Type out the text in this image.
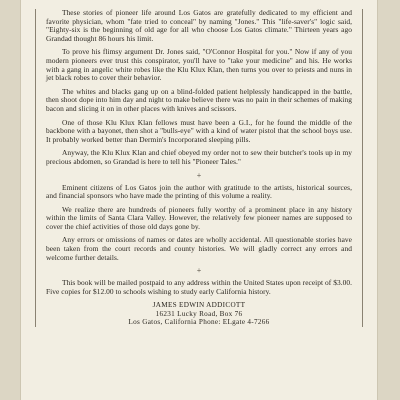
These stories of pioneer life around Los Gatos are gratefully dedicated to my efficient and favorite physician, whom "fate tried to conceal" by naming "Jones." This "life-saver's" logic said, "Eighty-six is the beginning of old age for all who choose Los Gatos climate." Thirteen years ago Grandad thought 86 hours his limit.

To prove his flimsy argument Dr. Jones said, "O'Connor Hospital for you." Now if any of you modern pioneers ever trust this conspirator, you'll have to "take your medicine" and his. He works with a gang in angelic white robes like the Klu Klux Klan, then turns you over to priests and nuns in jet black robes to cover their behavior.

The whites and blacks gang up on a blind-folded patient helplessly handicapped in the battle, then shoot dope into him day and night to make believe there was no pain in their schemes of making bacon and slicing it on in other places with knives and scissors.

One of those Klu Klux Klan fellows must have been a G.I., for he found the middle of the backbone with a bayonet, then shot a "bulls-eye" with a kind of water pistol that the school boys use. It probably worked better than Dermin's Incorporated sleeping pills.

Anyway, the Klu Klux Klan and chief obeyed my order not to sew their butcher's tools up in my precious abdomen, so Grandad is here to tell his "Pioneer Tales."

+

Eminent citizens of Los Gatos join the author with gratitude to the artists, historical sources, and financial sponsors who have made the printing of this volume a reality.

We realize there are hundreds of pioneers fully worthy of a prominent place in any history within the limits of Santa Clara Valley. However, the relatively few pioneer names are supposed to cover the chief activities of those old days gone by.

Any errors or omissions of names or dates are wholly accidental. All questionable stories have been taken from the court records and county histories. We will gladly correct any errors and welcome further details.

+

This book will be mailed postpaid to any address within the United States upon receipt of $3.00. Five copies for $12.00 to schools wishing to study early California history.

JAMES EDWIN ADDICOTT
16231 Lucky Road, Box 76
Los Gatos, California Phone: ELgate 4-7266
